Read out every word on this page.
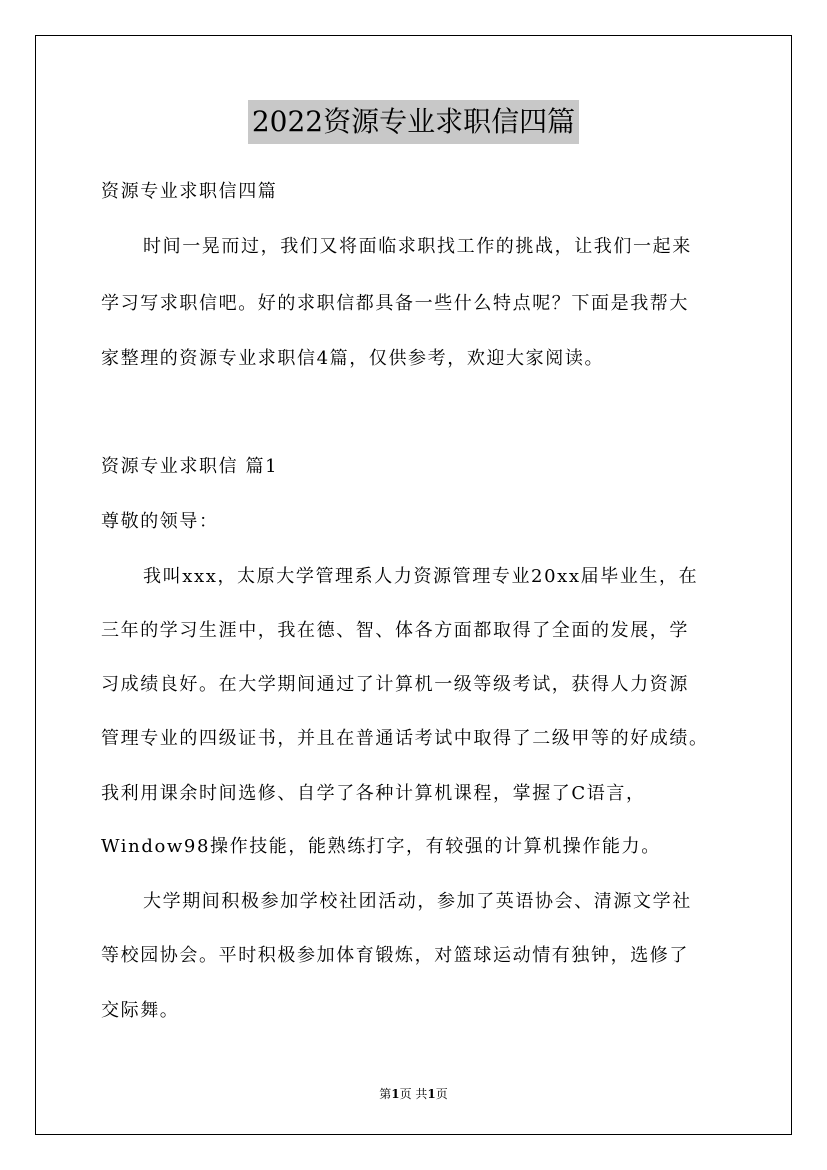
2022资源专业求职信四篇
资源专业求职信四篇
时间一晃而过，我们又将面临求职找工作的挑战，让我们一起来
学习写求职信吧。好的求职信都具备一些什么特点呢？下面是我帮大
家整理的资源专业求职信4篇，仅供参考，欢迎大家阅读。
资源专业求职信 篇1
尊敬的领导：
我叫xxx，太原大学管理系人力资源管理专业20xx届毕业生，在
三年的学习生涯中，我在德、智、体各方面都取得了全面的发展，学
习成绩良好。在大学期间通过了计算机一级等级考试，获得人力资源
管理专业的四级证书，并且在普通话考试中取得了二级甲等的好成绩。
我利用课余时间选修、自学了各种计算机课程，掌握了C语言，
Window98操作技能，能熟练打字，有较强的计算机操作能力。
大学期间积极参加学校社团活动，参加了英语协会、清源文学社
等校园协会。平时积极参加体育锻炼，对篮球运动情有独钟，选修了
交际舞。
第1页 共1页
